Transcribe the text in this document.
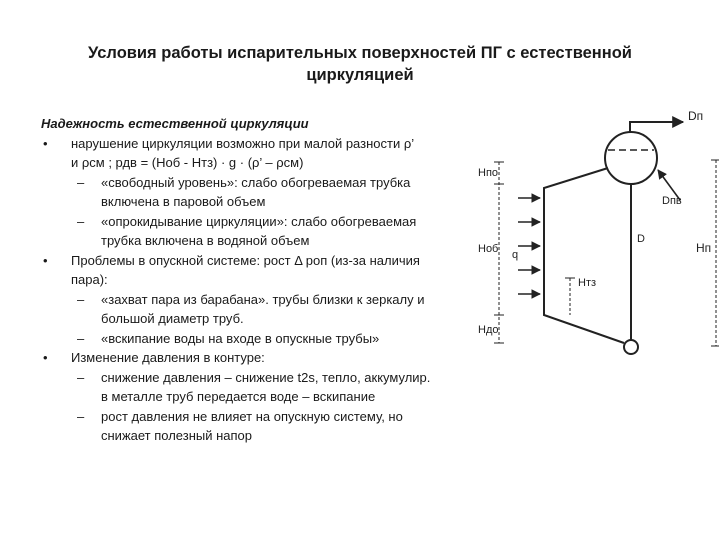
Условия работы испарительных поверхностей ПГ с естественной
циркуляцией
Надежность естественной циркуляции
• нарушение циркуляции возможно при малой разности ρ’
и ρсм ; рдв = (Ноб - Нтз) · g · (ρ’ – ρсм)
– «свободный уровень»: слабо обогреваемая трубка
включена в паровой объем
– «опрокидывание циркуляции»: слабо обогреваемая
трубка включена в водяной объем
• Проблемы в опускной системе: рост Δ роп (из-за наличия
пара):
– «захват пара из барабана». трубы близки к зеркалу и
большой диаметр труб.
– «вскипание воды на входе в опускные трубы»
• Изменение давления в контуре:
– снижение давления – снижение t2s, тепло, аккумулир.
в металле труб передается воде – вскипание
– рост давления не влияет на опускную систему, но
снижает полезный напор
Dп
Нпо
Dпв
Ноб q
D
Нп
Нтз
Ндо
